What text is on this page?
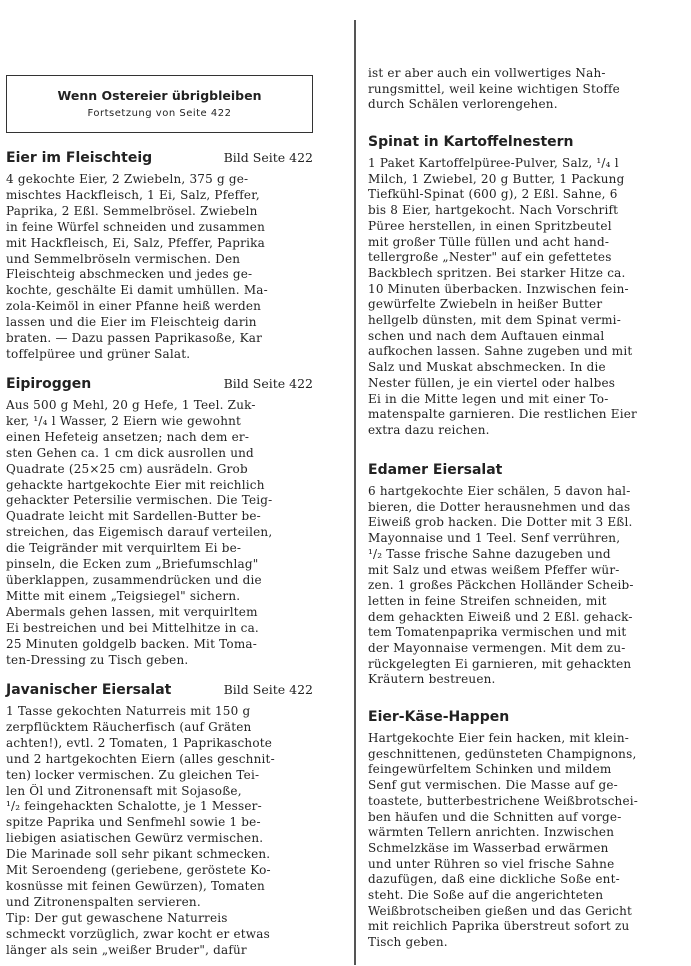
Wenn Ostereier übrigbleiben
Fortsetzung von Seite 422
Eier im Fleischteig	Bild Seite 422
4 gekochte Eier, 2 Zwiebeln, 375 g ge-
mischtes Hackfleisch, 1 Ei, Salz, Pfeffer,
Paprika, 2 Eßl. Semmelbrösel. Zwiebeln
in feine Würfel schneiden und zusammen
mit Hackfleisch, Ei, Salz, Pfeffer, Paprika
und Semmelbröseln vermischen. Den
Fleischteig abschmecken und jedes ge-
kochte, geschälte Ei damit umhüllen. Ma-
zola-Keimöl in einer Pfanne heiß werden
lassen und die Eier im Fleischteig darin
braten. — Dazu passen Paprikasoße, Kar
toffelpüree und grüner Salat.
Eipiroggen	Bild Seite 422
Aus 500 g Mehl, 20 g Hefe, 1 Teel. Zuk-
ker, ¹/₄ l Wasser, 2 Eiern wie gewohnt
einen Hefeteig ansetzen; nach dem er-
sten Gehen ca. 1 cm dick ausrollen und
Quadrate (25×25 cm) ausrädeln. Grob
gehackte hartgekochte Eier mit reichlich
gehackter Petersilie vermischen. Die Teig-
Quadrate leicht mit Sardellen-Butter be-
streichen, das Eigemisch darauf verteilen,
die Teigränder mit verquirltem Ei be-
pinseln, die Ecken zum „Briefumschlag"
überklappen, zusammendrücken und die
Mitte mit einem „Teigsiegel" sichern.
Abermals gehen lassen, mit verquirltem
Ei bestreichen und bei Mittelhitze in ca.
25 Minuten goldgelb backen. Mit Toma-
ten-Dressing zu Tisch geben.
Javanischer Eiersalat	Bild Seite 422
1 Tasse gekochten Naturreis mit 150 g
zerpflücktem Räucherfisch (auf Gräten
achten!), evtl. 2 Tomaten, 1 Paprikaschote
und 2 hartgekochten Eiern (alles geschnit-
ten) locker vermischen. Zu gleichen Tei-
len Öl und Zitronensaft mit Sojasoße,
¹/₂ feingehackten Schalotte, je 1 Messer-
spitze Paprika und Senfmehl sowie 1 be-
liebigen asiatischen Gewürz vermischen.
Die Marinade soll sehr pikant schmecken.
Mit Seroendeng (geriebene, geröstete Ko-
kosnüsse mit feinen Gewürzen), Tomaten
und Zitronenspalten servieren.
Tip: Der gut gewaschene Naturreis
schmeckt vorzüglich, zwar kocht er etwas
länger als sein „weißer Bruder", dafür
ist er aber auch ein vollwertiges Nah-
rungsmittel, weil keine wichtigen Stoffe
durch Schälen verlorengehen.
Spinat in Kartoffelnestern
1 Paket Kartoffelpüree-Pulver, Salz, ¹/₄ l
Milch, 1 Zwiebel, 20 g Butter, 1 Packung
Tiefkühl-Spinat (600 g), 2 Eßl. Sahne, 6
bis 8 Eier, hartgekocht. Nach Vorschrift
Püree herstellen, in einen Spritzbeutel
mit großer Tülle füllen und acht hand-
tellergroße „Nester" auf ein gefettetes
Backblech spritzen. Bei starker Hitze ca.
10 Minuten überbacken. Inzwischen fein-
gewürfelte Zwiebeln in heißer Butter
hellgelb dünsten, mit dem Spinat vermi-
schen und nach dem Auftauen einmal
aufkochen lassen. Sahne zugeben und mit
Salz und Muskat abschmecken. In die
Nester füllen, je ein viertel oder halbes
Ei in die Mitte legen und mit einer To-
matenspalte garnieren. Die restlichen Eier
extra dazu reichen.
Edamer Eiersalat
6 hartgekochte Eier schälen, 5 davon hal-
bieren, die Dotter herausnehmen und das
Eiweiß grob hacken. Die Dotter mit 3 Eßl.
Mayonnaise und 1 Teel. Senf verrühren,
¹/₂ Tasse frische Sahne dazugeben und
mit Salz und etwas weißem Pfeffer wür-
zen. 1 großes Päckchen Holländer Scheib-
letten in feine Streifen schneiden, mit
dem gehackten Eiweiß und 2 Eßl. gehack-
tem Tomatenpaprika vermischen und mit
der Mayonnaise vermengen. Mit dem zu-
rückgelegten Ei garnieren, mit gehackten
Kräutern bestreuen.
Eier-Käse-Happen
Hartgekochte Eier fein hacken, mit klein-
geschnittenen, gedünsteten Champignons,
feingewürfeltem Schinken und mildem
Senf gut vermischen. Die Masse auf ge-
toastete, butterbestrichene Weißbrotschei-
ben häufen und die Schnitten auf vorge-
wärmten Tellern anrichten. Inzwischen
Schmelzkäse im Wasserbad erwärmen
und unter Rühren so viel frische Sahne
dazufügen, daß eine dickliche Soße ent-
steht. Die Soße auf die angerichteten
Weißbrotscheiben gießen und das Gericht
mit reichlich Paprika überstreut sofort zu
Tisch geben.
